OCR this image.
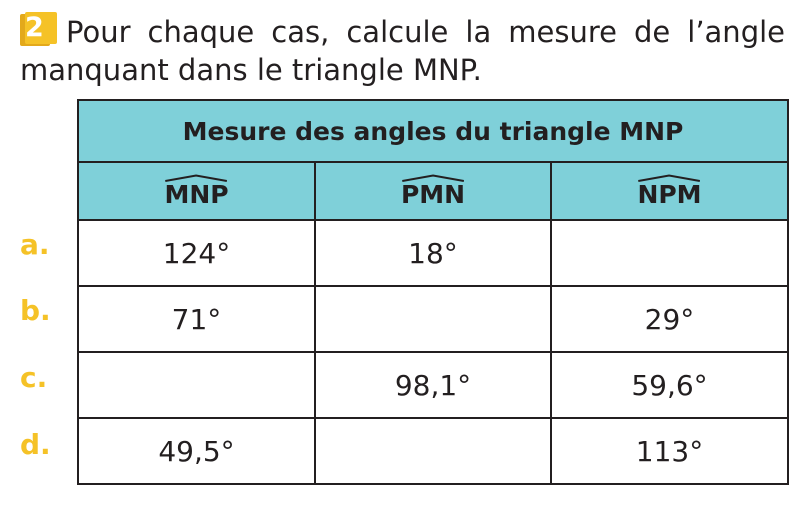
2 Pour chaque cas, calcule la mesure de l’angle manquant dans le triangle MNP.
Mesure des angles du triangle MNP		

MNP	PMN	NPM
124°	18°	
71°		29°
	98,1°	59,6°
49,5°		113°
a.
b.
c.
d.
